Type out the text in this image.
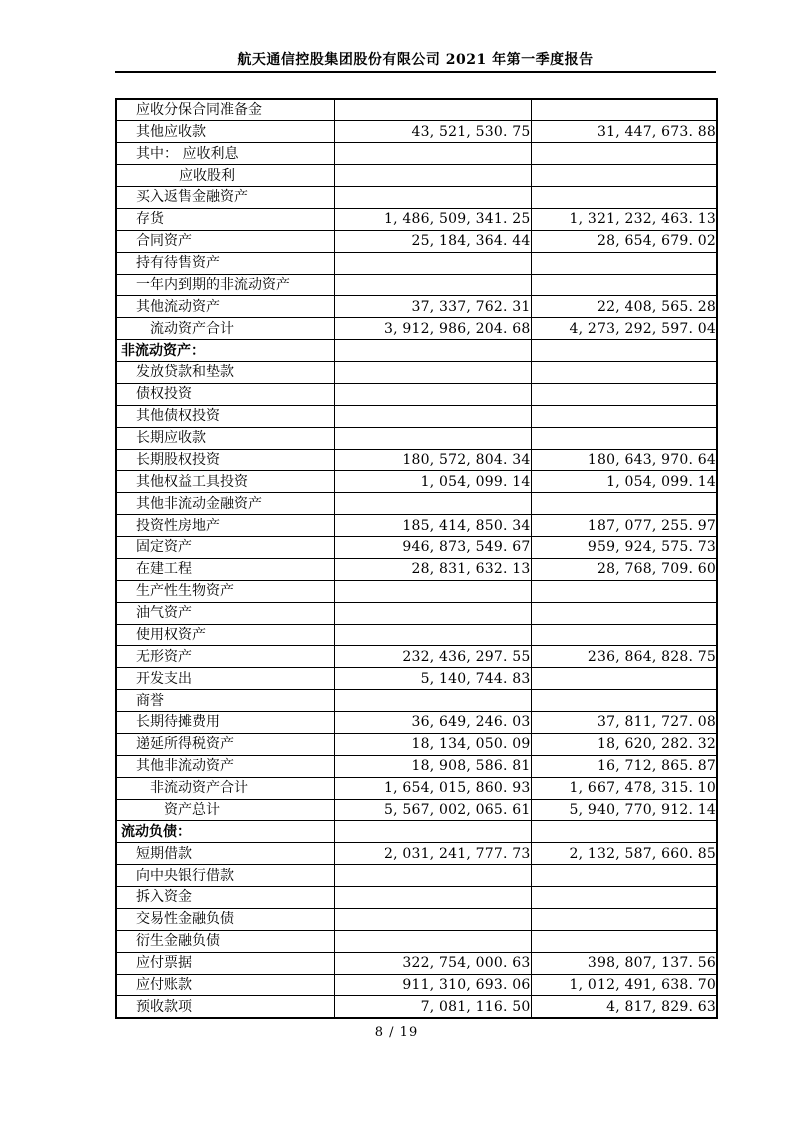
航天通信控股集团股份有限公司 2021 年第一季度报告
应收分保合同准备金		
其他应收款	43, 521, 530. 75	31, 447, 673. 88
其中： 应收利息		
应收股利		
买入返售金融资产		
存货	1, 486, 509, 341. 25	1, 321, 232, 463. 13
合同资产	25, 184, 364. 44	28, 654, 679. 02
持有待售资产		
一年内到期的非流动资产		
其他流动资产	37, 337, 762. 31	22, 408, 565. 28
流动资产合计	3, 912, 986, 204. 68	4, 273, 292, 597. 04
非流动资产：		
发放贷款和垫款		
债权投资		
其他债权投资		
长期应收款		
长期股权投资	180, 572, 804. 34	180, 643, 970. 64
其他权益工具投资	1, 054, 099. 14	1, 054, 099. 14
其他非流动金融资产		
投资性房地产	185, 414, 850. 34	187, 077, 255. 97
固定资产	946, 873, 549. 67	959, 924, 575. 73
在建工程	28, 831, 632. 13	28, 768, 709. 60
生产性生物资产		
油气资产		
使用权资产		
无形资产	232, 436, 297. 55	236, 864, 828. 75
开发支出	5, 140, 744. 83	
商誉		
长期待摊费用	36, 649, 246. 03	37, 811, 727. 08
递延所得税资产	18, 134, 050. 09	18, 620, 282. 32
其他非流动资产	18, 908, 586. 81	16, 712, 865. 87
非流动资产合计	1, 654, 015, 860. 93	1, 667, 478, 315. 10
资产总计	5, 567, 002, 065. 61	5, 940, 770, 912. 14
流动负债：		
短期借款	2, 031, 241, 777. 73	2, 132, 587, 660. 85
向中央银行借款		
拆入资金		
交易性金融负债		
衍生金融负债		
应付票据	322, 754, 000. 63	398, 807, 137. 56
应付账款	911, 310, 693. 06	1, 012, 491, 638. 70
预收款项	7, 081, 116. 50	4, 817, 829. 63
8 / 19
